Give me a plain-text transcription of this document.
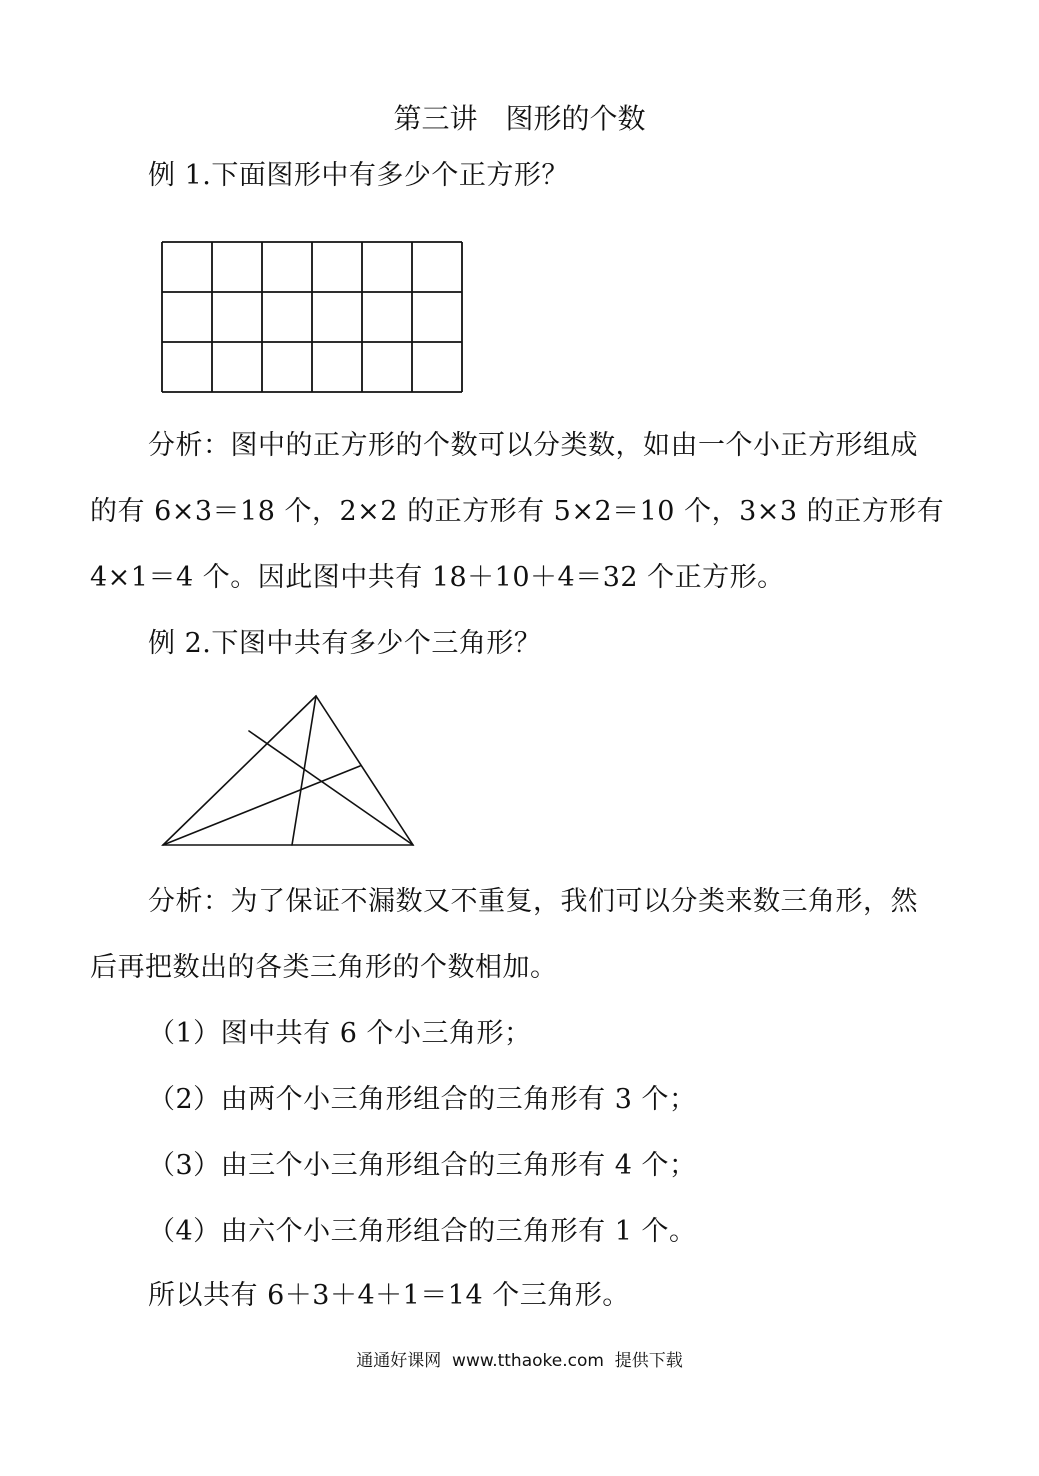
第三讲　图形的个数
例 1.下面图形中有多少个正方形？
分析：图中的正方形的个数可以分类数，如由一个小正方形组成
的有 6×3＝18 个，2×2 的正方形有 5×2＝10 个，3×3 的正方形有
4×1＝4 个。因此图中共有 18＋10＋4＝32 个正方形。
例 2.下图中共有多少个三角形？
分析：为了保证不漏数又不重复，我们可以分类来数三角形，然
后再把数出的各类三角形的个数相加。
（1）图中共有 6 个小三角形；
（2）由两个小三角形组合的三角形有 3 个；
（3）由三个小三角形组合的三角形有 4 个；
（4）由六个小三角形组合的三角形有 1 个。
所以共有 6＋3＋4＋1＝14 个三角形。
通通好课网  www.tthaoke.com  提供下载
